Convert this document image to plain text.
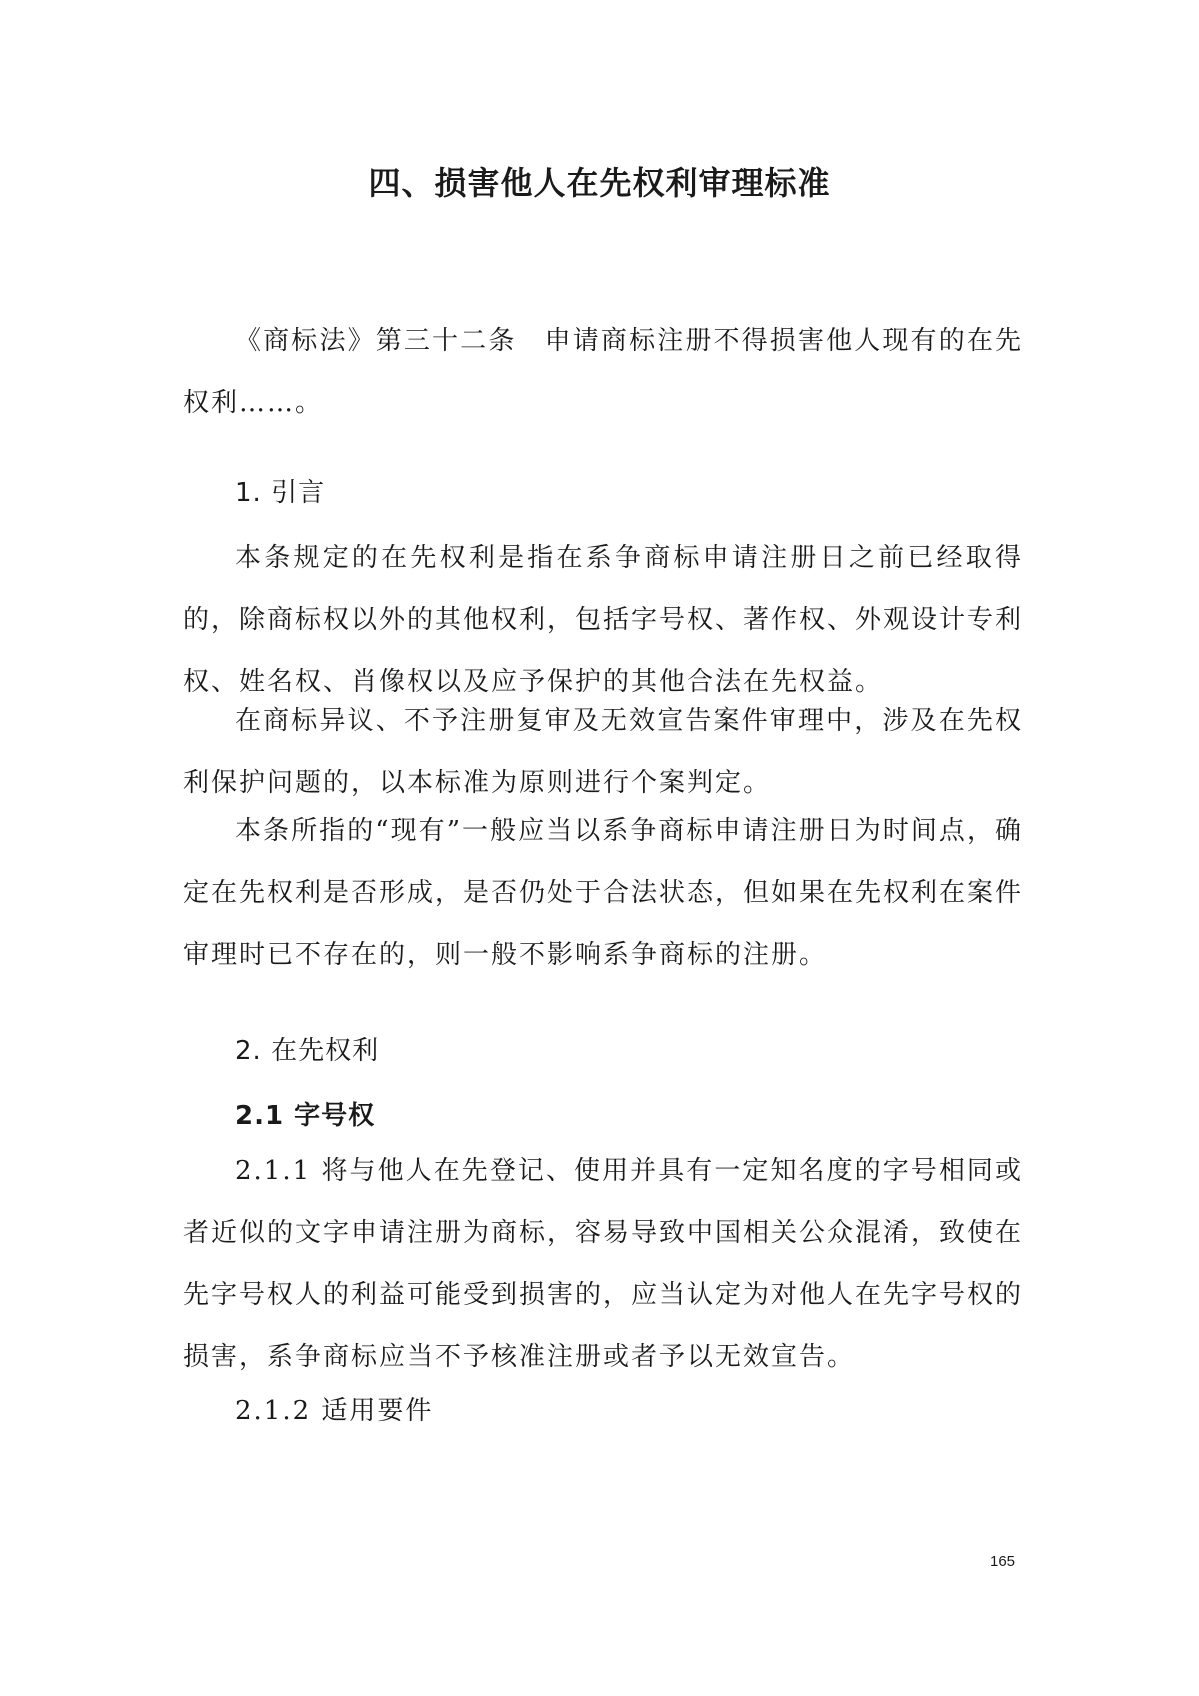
四、损害他人在先权利审理标准

《商标法》第三十二条　申请商标注册不得损害他人现有的在先权利……。

1. 引言

本条规定的在先权利是指在系争商标申请注册日之前已经取得的，除商标权以外的其他权利，包括字号权、著作权、外观设计专利权、姓名权、肖像权以及应予保护的其他合法在先权益。

在商标异议、不予注册复审及无效宣告案件审理中，涉及在先权利保护问题的，以本标准为原则进行个案判定。

本条所指的“现有”一般应当以系争商标申请注册日为时间点，确定在先权利是否形成，是否仍处于合法状态，但如果在先权利在案件审理时已不存在的，则一般不影响系争商标的注册。

2. 在先权利

2.1 字号权

2.1.1 将与他人在先登记、使用并具有一定知名度的字号相同或者近似的文字申请注册为商标，容易导致中国相关公众混淆，致使在先字号权人的利益可能受到损害的，应当认定为对他人在先字号权的损害，系争商标应当不予核准注册或者予以无效宣告。

2.1.2 适用要件

165
